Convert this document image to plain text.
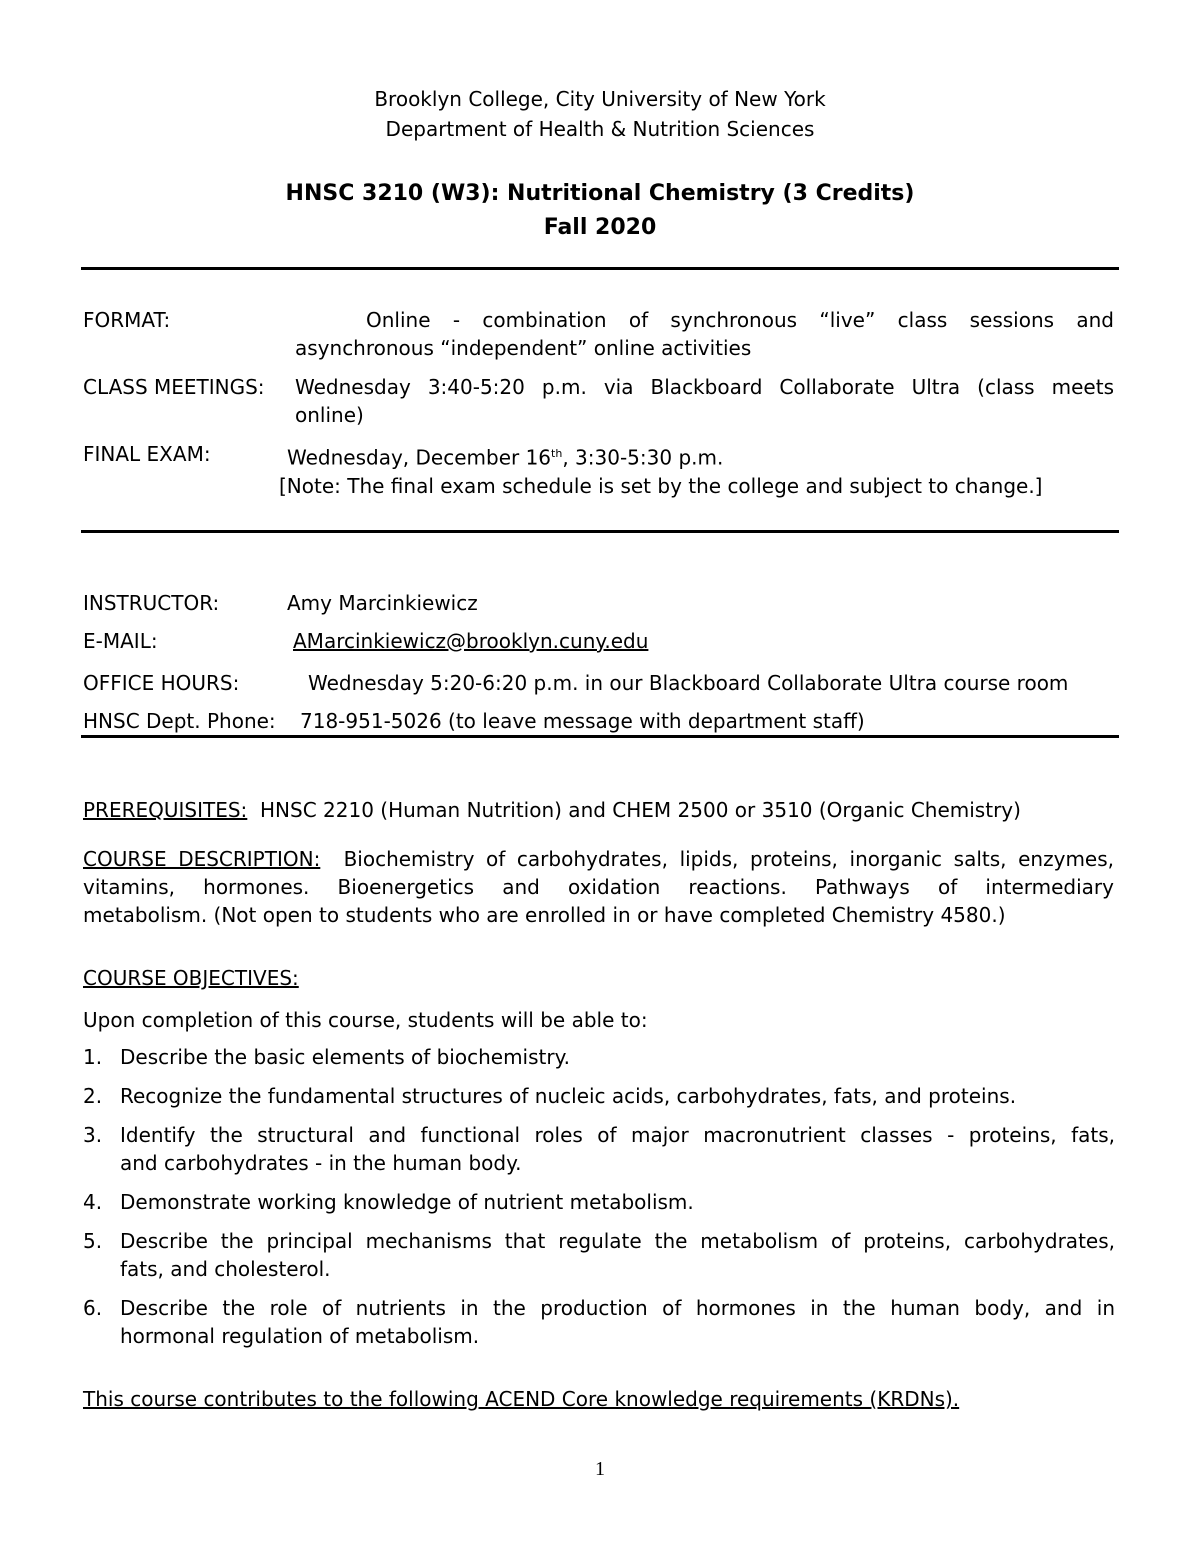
Brooklyn College, City University of New York
Department of Health & Nutrition Sciences
HNSC 3210 (W3): Nutritional Chemistry (3 Credits)
Fall 2020
FORMAT:	Online - combination of synchronous “live” class sessions and
asynchronous “independent” online activities
CLASS MEETINGS: Wednesday 3:40-5:20 p.m. via Blackboard Collaborate Ultra (class meets
online)
FINAL EXAM:	Wednesday, December 16th, 3:30-5:30 p.m.
[Note: The final exam schedule is set by the college and subject to change.]
INSTRUCTOR:	Amy Marcinkiewicz
E-MAIL:	AMarcinkiewicz@brooklyn.cuny.edu
OFFICE HOURS:	Wednesday 5:20-6:20 p.m. in our Blackboard Collaborate Ultra course room
HNSC Dept. Phone: 718-951-5026 (to leave message with department staff)
PREREQUISITES: HNSC 2210 (Human Nutrition) and CHEM 2500 or 3510 (Organic Chemistry)
COURSE DESCRIPTION: Biochemistry of carbohydrates, lipids, proteins, inorganic salts, enzymes,
vitamins, hormones. Bioenergetics and oxidation reactions. Pathways of intermediary
metabolism. (Not open to students who are enrolled in or have completed Chemistry 4580.)
COURSE OBJECTIVES:
Upon completion of this course, students will be able to:
1. Describe the basic elements of biochemistry.
2. Recognize the fundamental structures of nucleic acids, carbohydrates, fats, and proteins.
3. Identify the structural and functional roles of major macronutrient classes - proteins, fats,
and carbohydrates - in the human body.
4. Demonstrate working knowledge of nutrient metabolism.
5. Describe the principal mechanisms that regulate the metabolism of proteins, carbohydrates,
fats, and cholesterol.
6. Describe the role of nutrients in the production of hormones in the human body, and in
hormonal regulation of metabolism.
This course contributes to the following ACEND Core knowledge requirements (KRDNs).
1
